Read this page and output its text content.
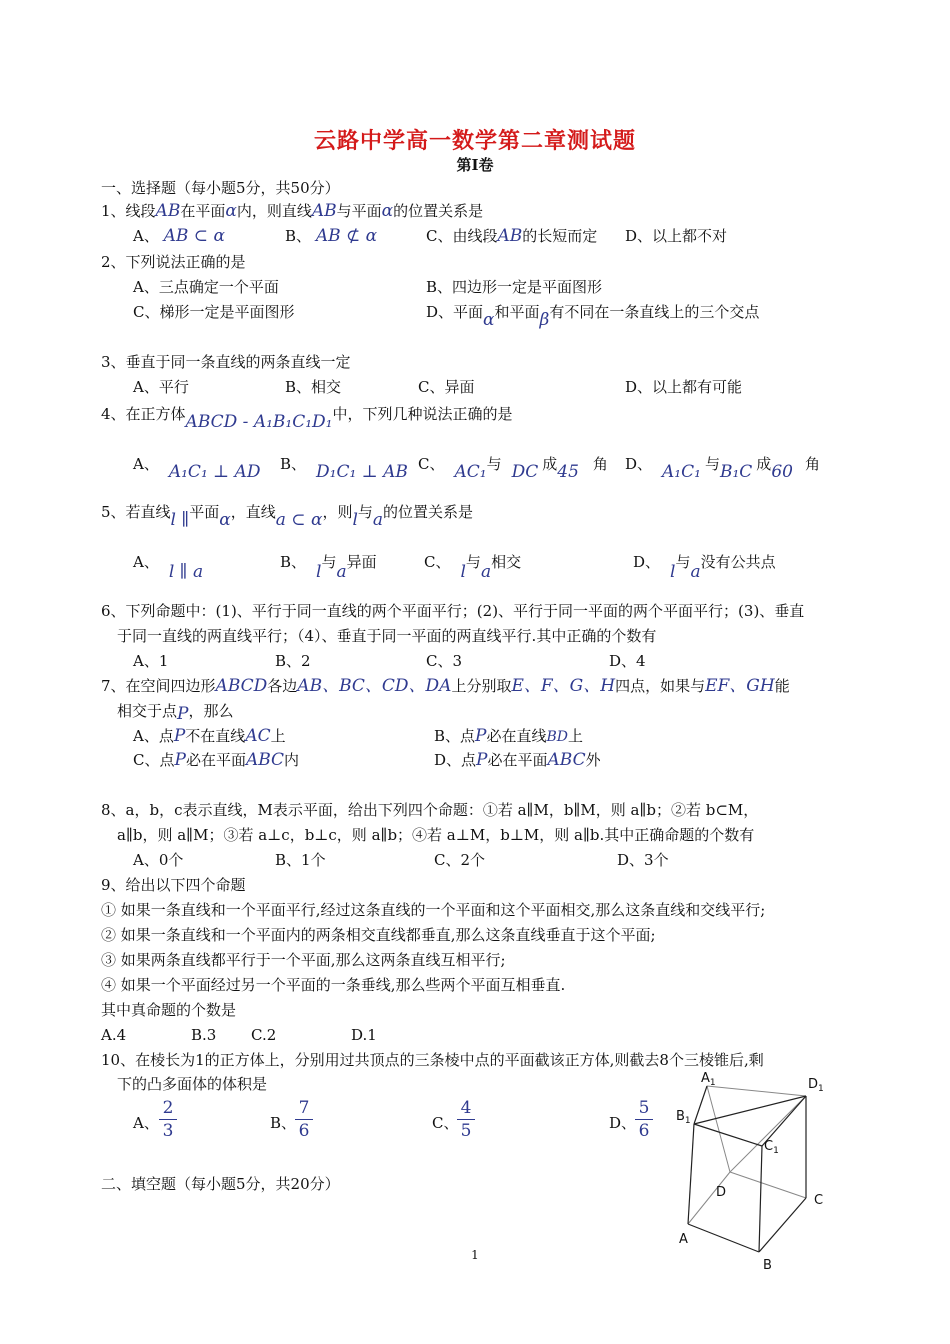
云路中学高一数学第二章测试题
第Ⅰ卷
一、选择题（每小题5分，共50分）
1、线段AB在平面α内，则直线AB与平面α的位置关系是
A、 AB ⊂ α	B、 AB ⊄ α	C、由线段AB的长短而定 D、以上都不对
2、下列说法正确的是
A、三点确定一个平面	B、四边形一定是平面图形
C、梯形一定是平面图形	D、平面α和平面β有不同在一条直线上的三个交点
3、垂直于同一条直线的两条直线一定
A、平行	B、相交	C、异面	D、以上都有可能
4、在正方体ABCD - A₁B₁C₁D₁中，下列几种说法正确的是
A、 A₁C₁ ⊥ AD B、 D₁C₁ ⊥ AB C、 AC₁与 DC 成45 角 D、 A₁C₁ 与B₁C 成60 角
5、若直线l ∥平面α，直线a ⊂ α，则l与a的位置关系是
A、 l ∥ a	B、 l与a异面	C、 l与a相交	D、 l与a没有公共点
6、下列命题中：(1)、平行于同一直线的两个平面平行；(2)、平行于同一平面的两个平面平行；(3)、垂直
于同一直线的两直线平行；（4）、垂直于同一平面的两直线平行.其中正确的个数有
A、1	B、2	C、3	D、4
7、在空间四边形ABCD各边AB、BC、CD、DA上分别取E、F、G、H四点，如果与EF、GH能
相交于点P，那么
A、点P不在直线AC上	B、点P必在直线BD上
C、点P必在平面ABC内	D、点P必在平面ABC外
8、a，b，c表示直线，M表示平面，给出下列四个命题：①若 a∥M，b∥M，则 a∥b；②若 b⊂M，
a∥b，则 a∥M；③若 a⊥c，b⊥c，则 a∥b；④若 a⊥M，b⊥M，则 a∥b.其中正确命题的个数有
A、0个	B、1个	C、2个	D、3个
9、给出以下四个命题
① 如果一条直线和一个平面平行,经过这条直线的一个平面和这个平面相交,那么这条直线和交线平行;
② 如果一条直线和一个平面内的两条相交直线都垂直,那么这条直线垂直于这个平面;
③ 如果两条直线都平行于一个平面,那么这两条直线互相平行;
④ 如果一个平面经过另一个平面的一条垂线,那么些两个平面互相垂直.
其中真命题的个数是
A.4	B.3 C.2	D.1
10、在棱长为1的正方体上，分别用过共顶点的三条棱中点的平面截该正方体,则截去8个三棱锥后,剩
下的凸多面体的体积是
A、
2
3	B、
7
6	C、
4
5	D、
5
6
二、填空题（每小题5分，共20分）
$A_1$	$D_1$
$B_1$
$C_1$
D
C
A
B
1
